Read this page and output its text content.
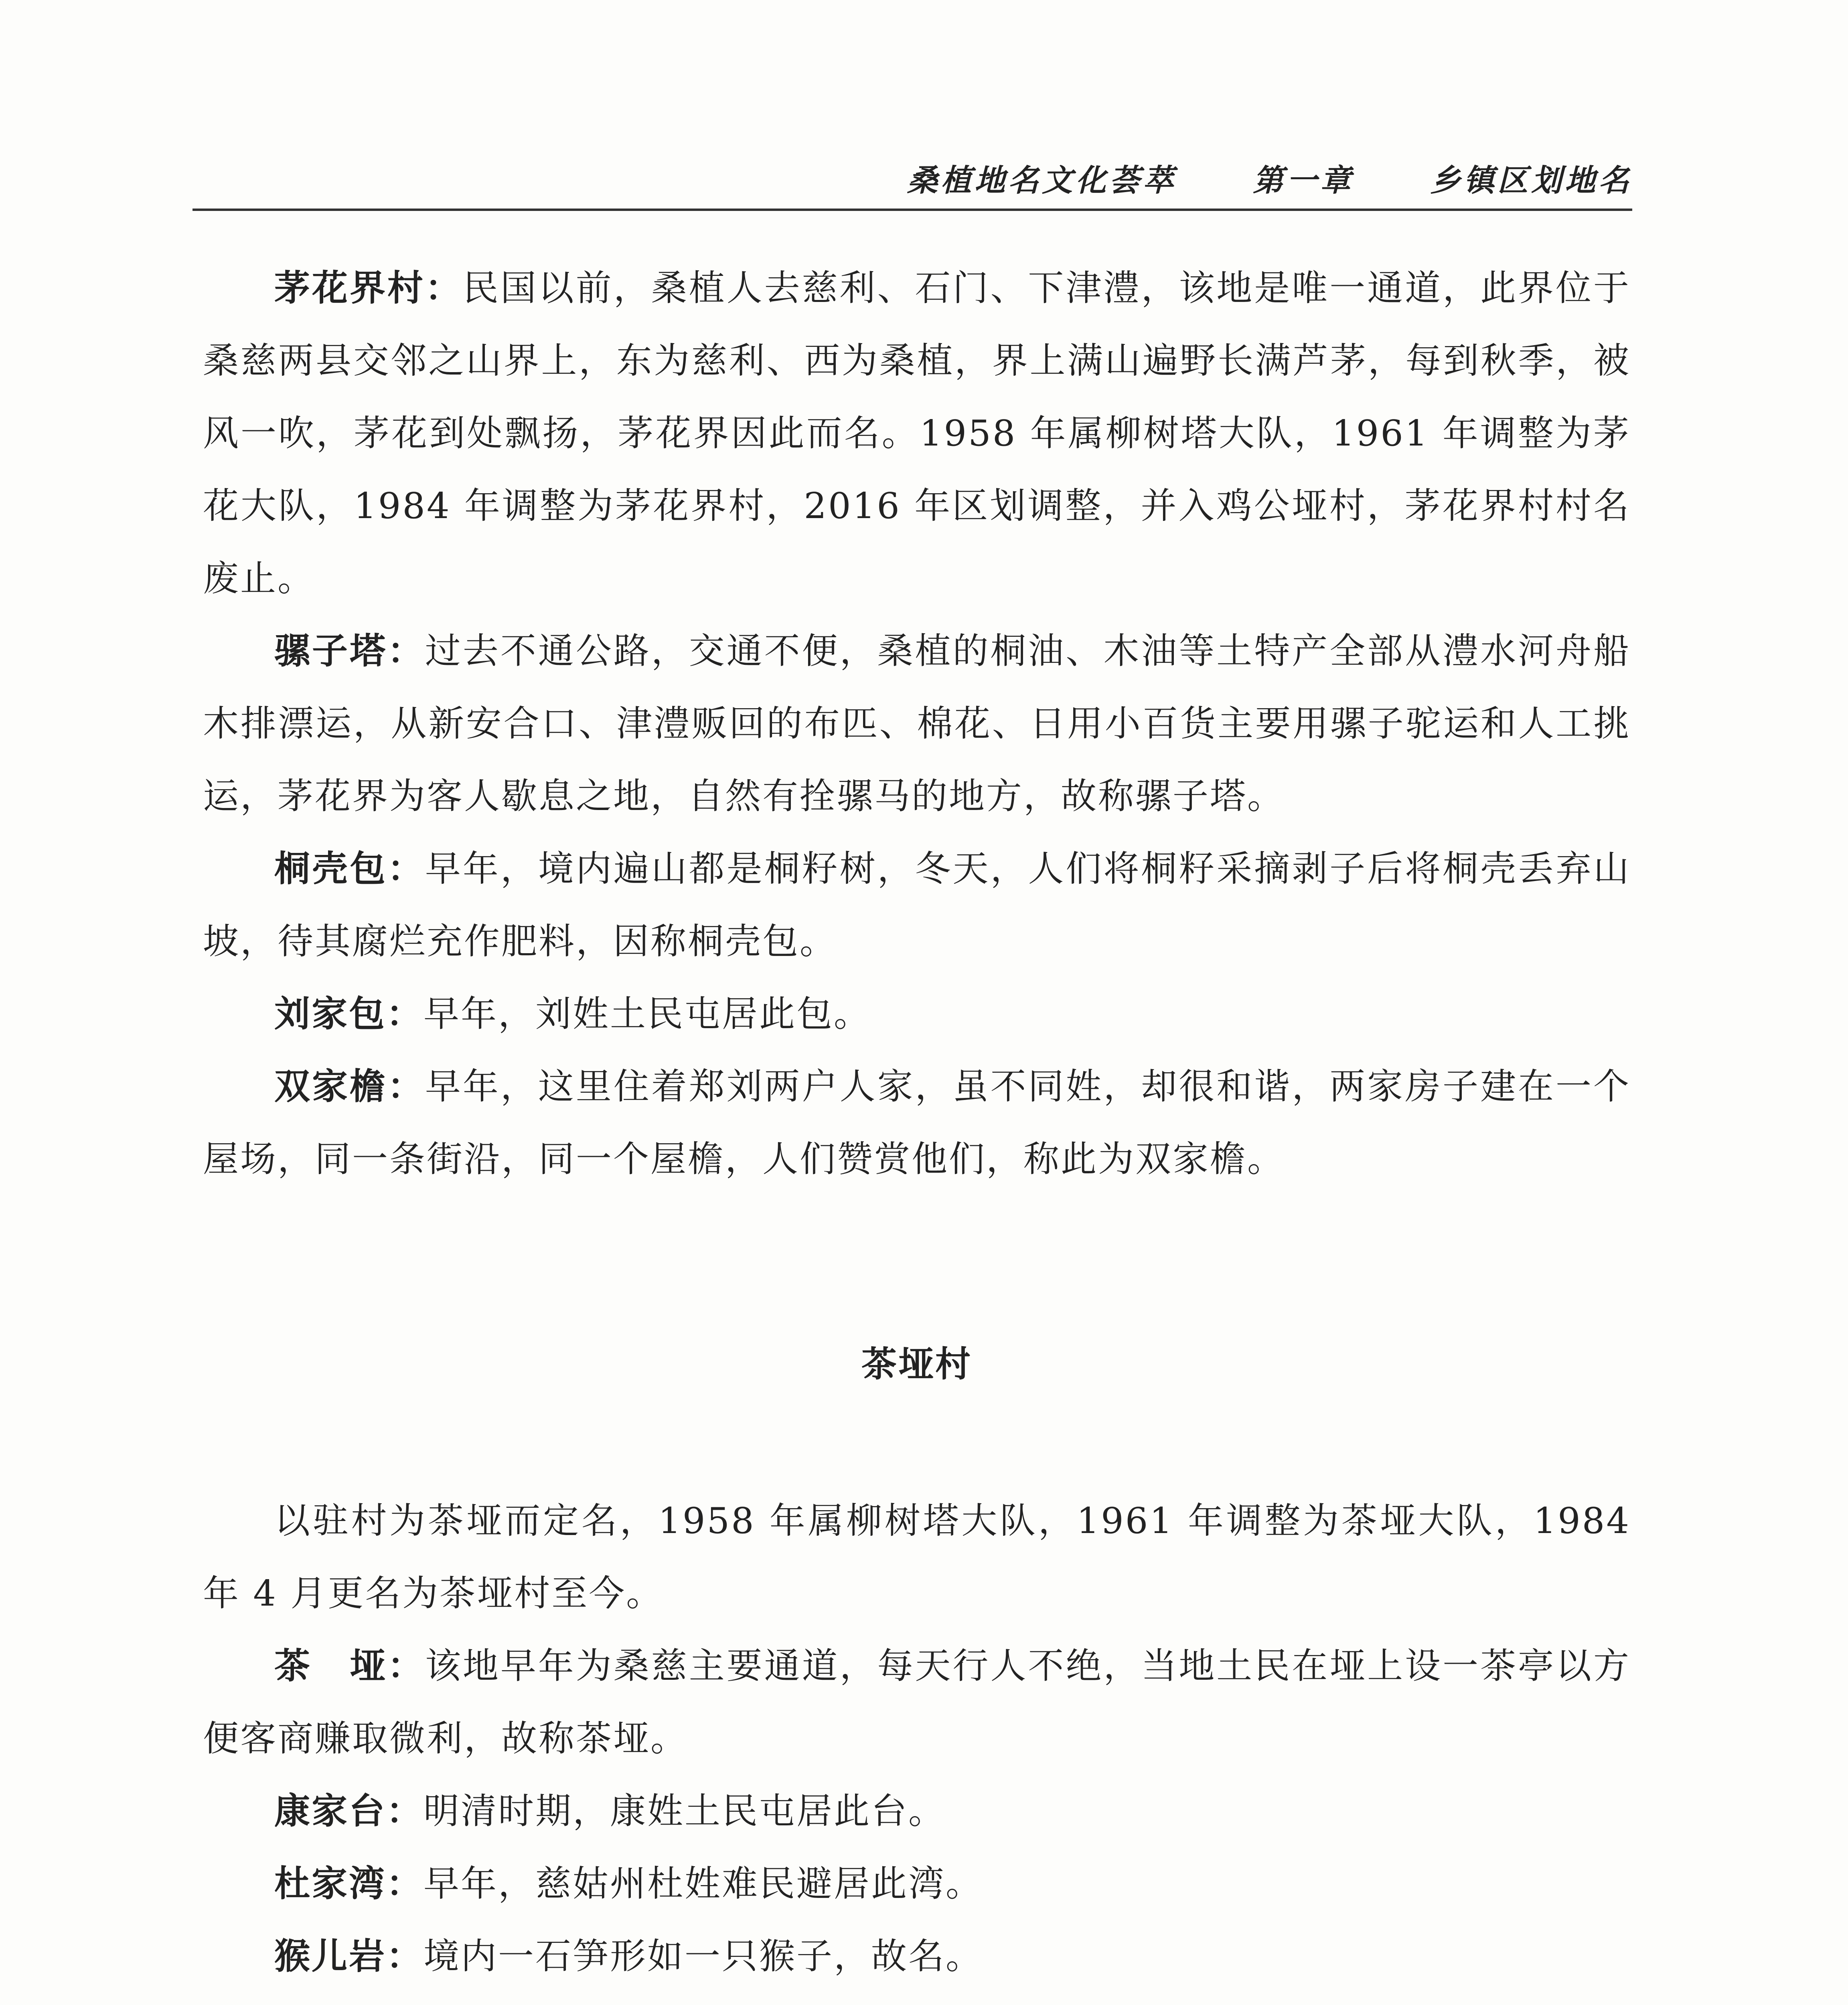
桑植地名文化荟萃	第一章	乡镇区划地名

茅花界村：民国以前，桑植人去慈利、石门、下津澧，该地是唯一通道，此界位于桑慈两县交邻之山界上，东为慈利、西为桑植，界上满山遍野长满芦茅，每到秋季，被风一吹，茅花到处飘扬，茅花界因此而名。1958 年属柳树塔大队，1961 年调整为茅花大队，1984 年调整为茅花界村，2016 年区划调整，并入鸡公垭村，茅花界村村名废止。

骡子塔：过去不通公路，交通不便，桑植的桐油、木油等土特产全部从澧水河舟船木排漂运，从新安合口、津澧贩回的布匹、棉花、日用小百货主要用骡子驼运和人工挑运，茅花界为客人歇息之地，自然有拴骡马的地方，故称骡子塔。

桐壳包：早年，境内遍山都是桐籽树，冬天，人们将桐籽采摘剥子后将桐壳丢弃山坡，待其腐烂充作肥料，因称桐壳包。

刘家包：早年，刘姓土民屯居此包。

双家檐：早年，这里住着郑刘两户人家，虽不同姓，却很和谐，两家房子建在一个屋场，同一条街沿，同一个屋檐，人们赞赏他们，称此为双家檐。

茶垭村

以驻村为茶垭而定名，1958 年属柳树塔大队，1961 年调整为茶垭大队，1984 年 4 月更名为茶垭村至今。

茶　垭：该地早年为桑慈主要通道，每天行人不绝，当地土民在垭上设一茶亭以方便客商赚取微利，故称茶垭。

康家台：明清时期，康姓土民屯居此台。

杜家湾：早年，慈姑州杜姓难民避居此湾。

猴儿岩：境内一石笋形如一只猴子，故名。
